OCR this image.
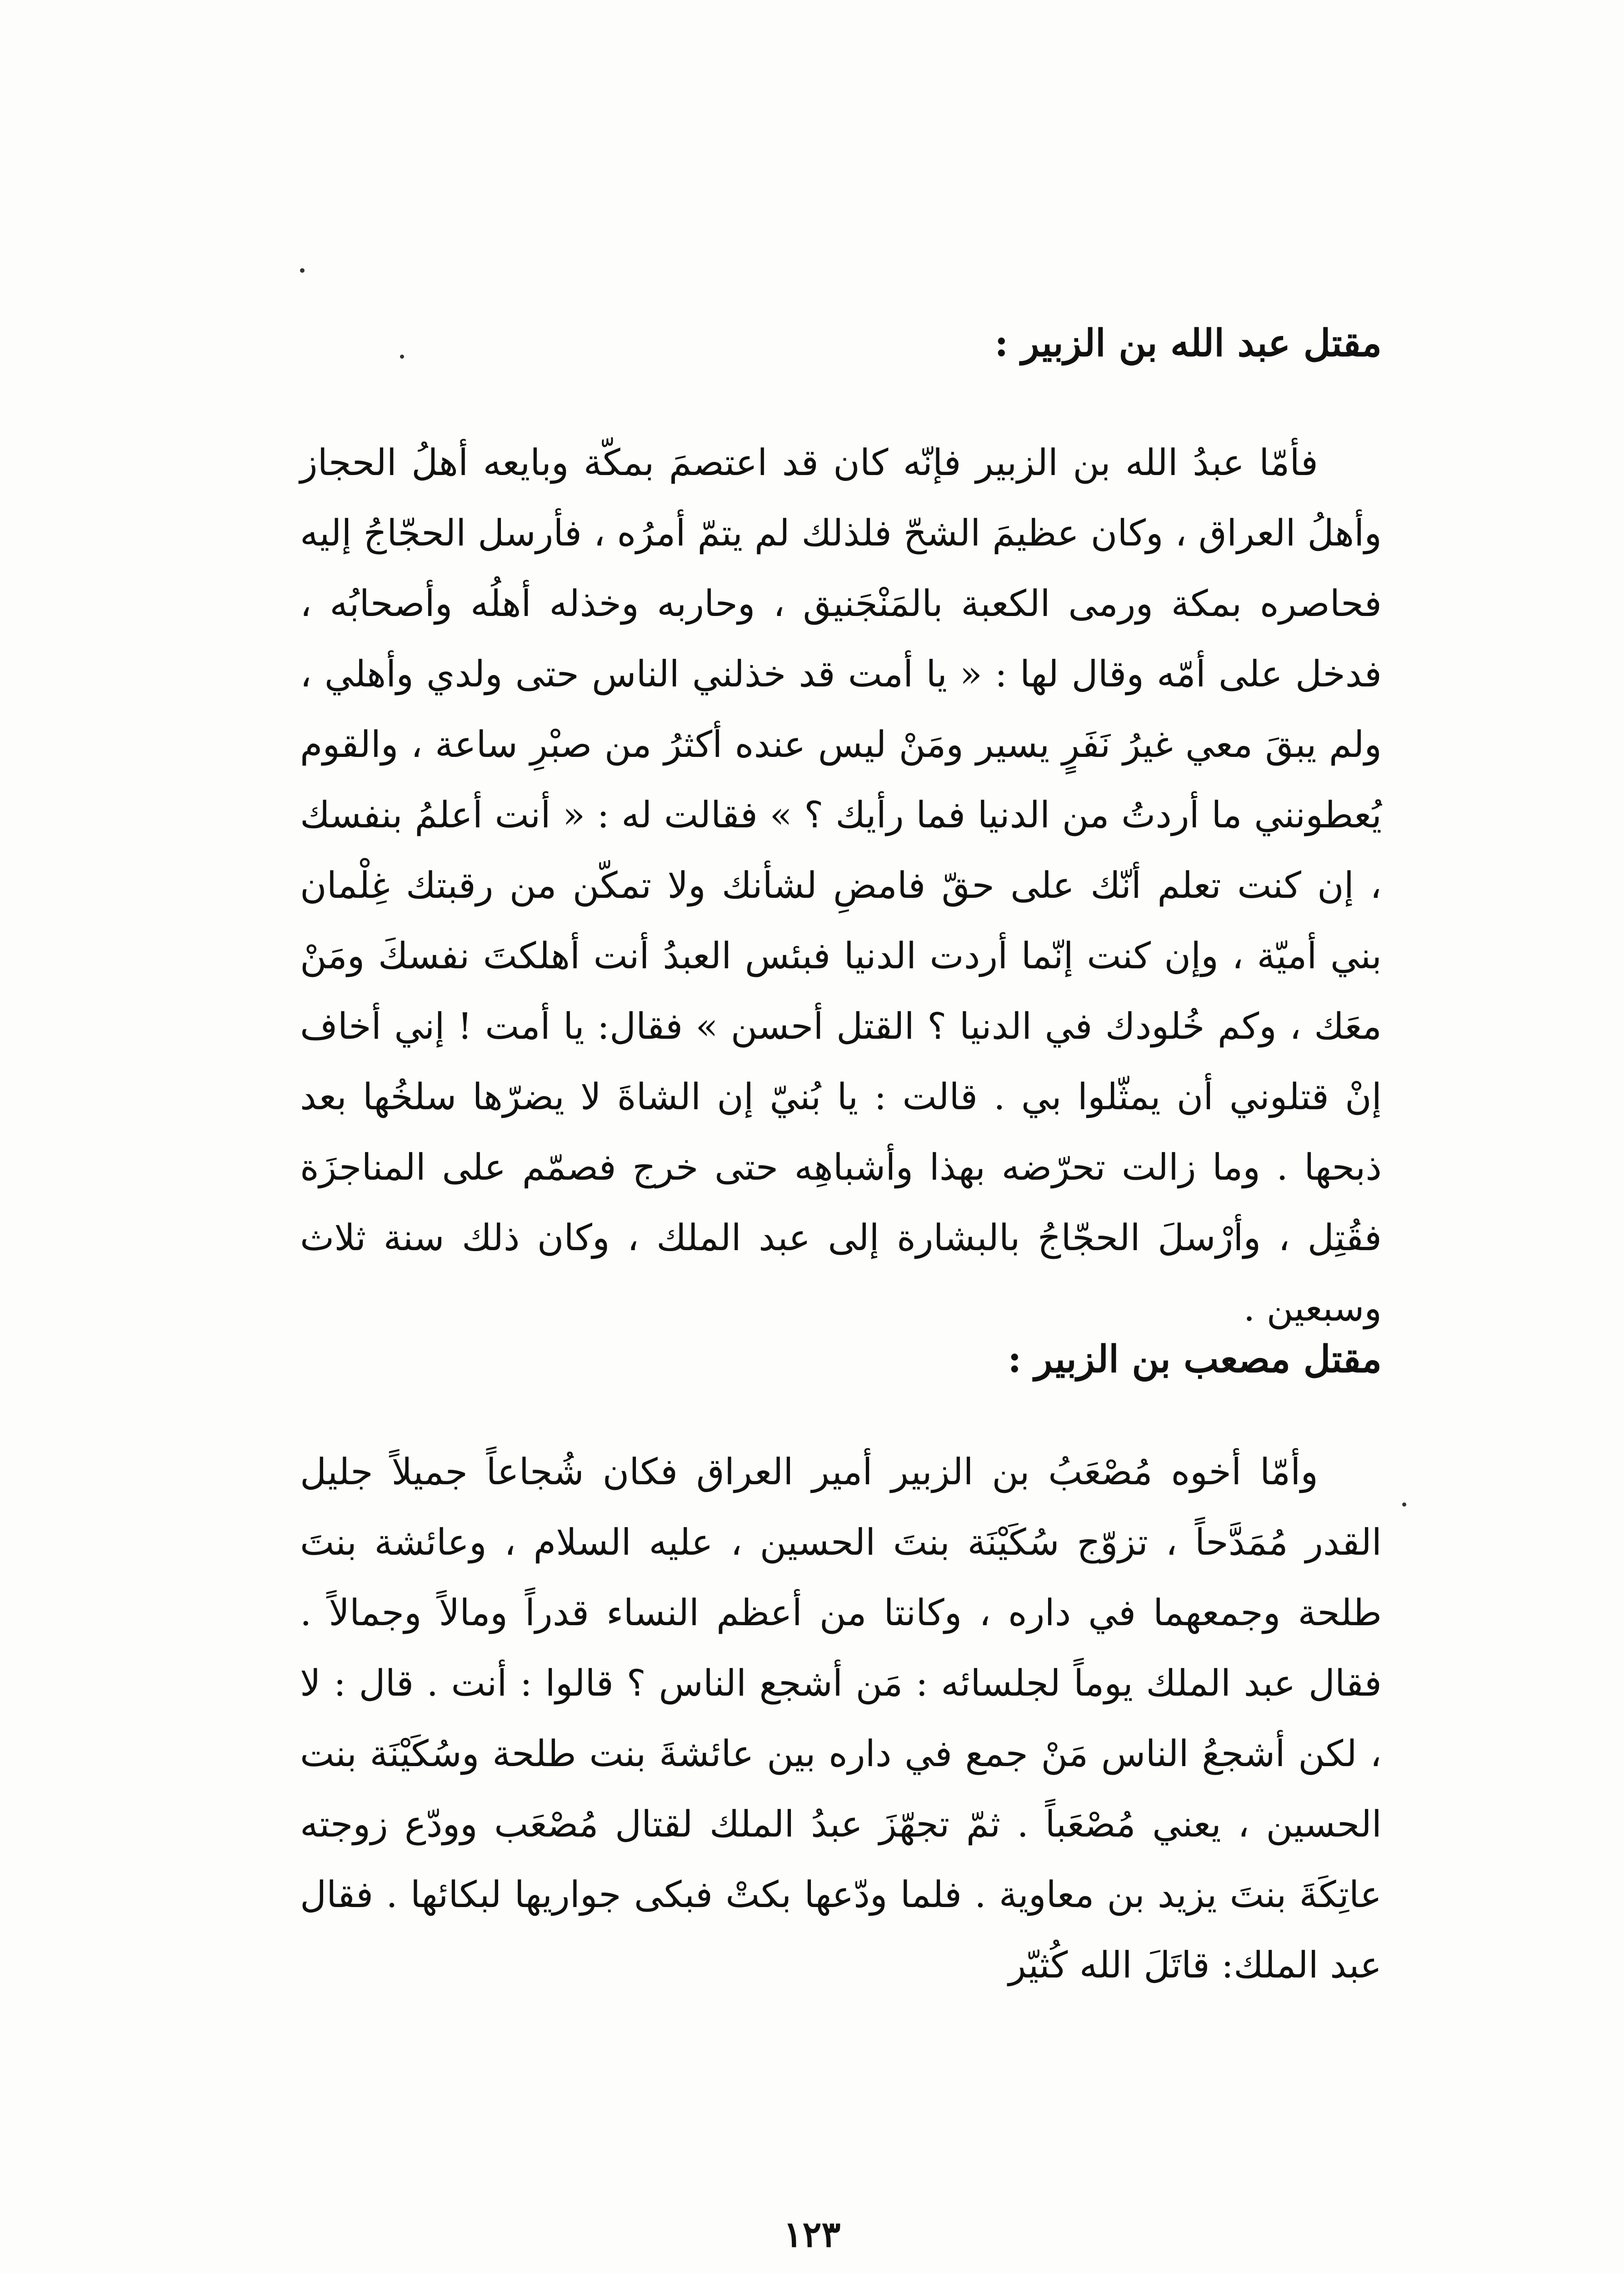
مقتل عبد الله بن الزبير :

فأمّا عبدُ الله بن الزبير فإنّه كان قد اعتصمَ بمكّة وبايعه أهلُ الحجاز وأهلُ العراق ، وكان عظيمَ الشحّ فلذلك لم يتمّ أمرُه ، فأرسل الحجّاجُ إليه فحاصره بمكة ورمى الكعبة بالمَنْجَنيق ، وحاربه وخذله أهلُه وأصحابُه ، فدخل على أمّه وقال لها : « يا أمت قد خذلني الناس حتى ولدي وأهلي ، ولم يبقَ معي غيرُ نَفَرٍ يسير ومَنْ ليس عنده أكثرُ من صبْرِ ساعة ، والقوم يُعطونني ما أردتُ من الدنيا فما رأيك ؟ » فقالت له : « أنت أعلمُ بنفسك ، إن كنت تعلم أنّك على حقّ فامضِ لشأنك ولا تمكّن من رقبتك غِلْمان بني أميّة ، وإن كنت إنّما أردت الدنيا فبئس العبدُ أنت أهلكتَ نفسكَ ومَنْ معَك ، وكم خُلودك في الدنيا ؟ القتل أحسن » فقال: يا أمت ! إني أخاف إنْ قتلوني أن يمثّلوا بي . قالت : يا بُنيّ إن الشاةَ لا يضرّها سلخُها بعد ذبحها . وما زالت تحرّضه بهذا وأشباهِه حتى خرج فصمّم على المناجزَة فقُتِل ، وأرْسلَ الحجّاجُ بالبشارة إلى عبد الملك ، وكان ذلك سنة ثلاث وسبعين .

مقتل مصعب بن الزبير :

وأمّا أخوه مُصْعَبُ بن الزبير أمير العراق فكان شُجاعاً جميلاً جليل القدر مُمَدَّحاً ، تزوّج سُكَيْنَة بنتَ الحسين ، عليه السلام ، وعائشة بنتَ طلحة وجمعهما في داره ، وكانتا من أعظم النساء قدراً ومالاً وجمالاً . فقال عبد الملك يوماً لجلسائه : مَن أشجع الناس ؟ قالوا : أنت . قال : لا ، لكن أشجعُ الناس مَنْ جمع في داره بين عائشةَ بنت طلحة وسُكَيْنَة بنت الحسين ، يعني مُصْعَباً . ثمّ تجهّزَ عبدُ الملك لقتال مُصْعَب وودّع زوجته عاتِكَةَ بنتَ يزيد بن معاوية . فلما ودّعها بكتْ فبكى جواريها لبكائها . فقال عبد الملك: قاتَلَ الله كُثيّر

١٢٣
